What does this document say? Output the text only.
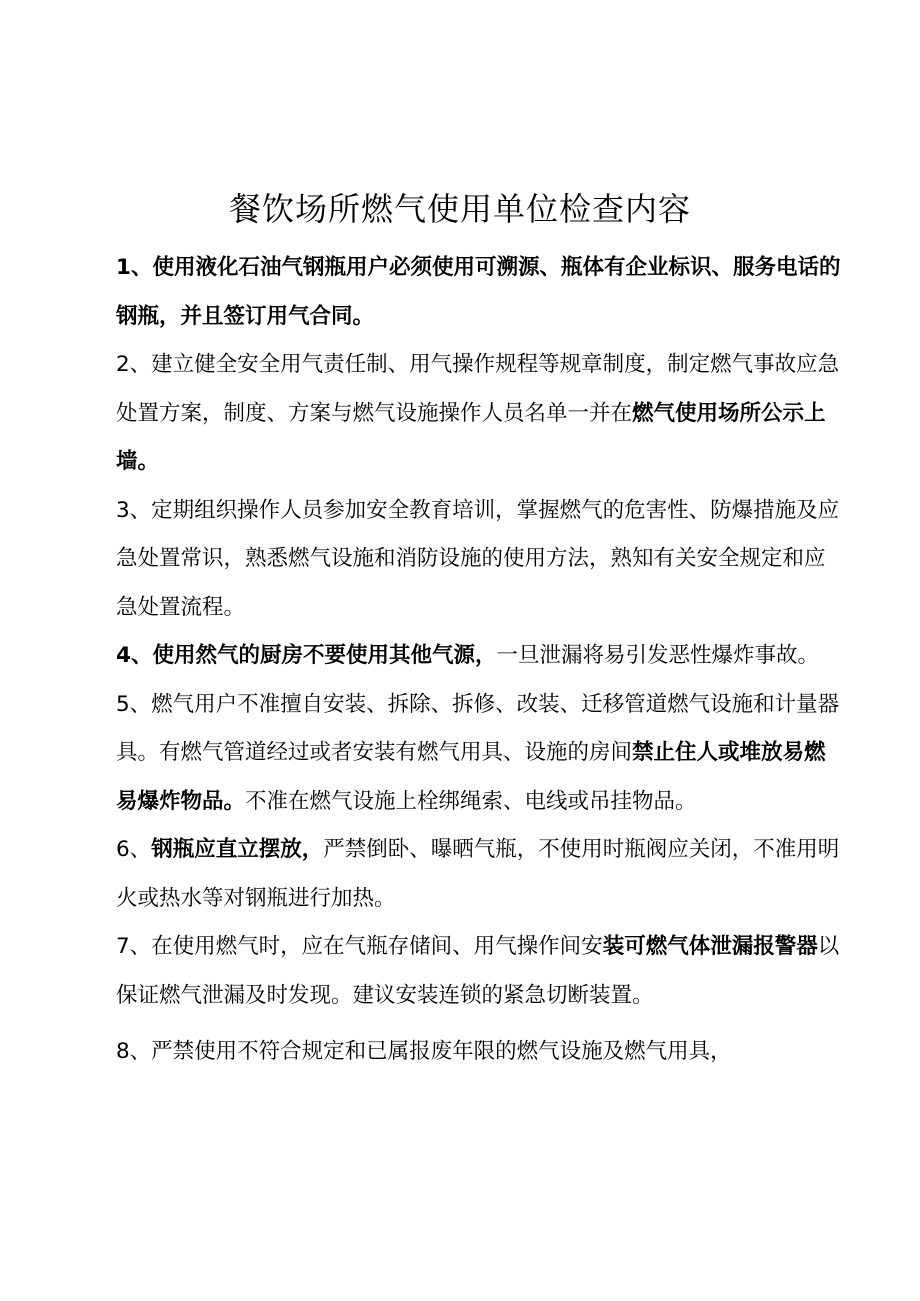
餐饮场所燃气使用单位检查内容

1、使用液化石油气钢瓶用户必须使用可溯源、瓶体有企业标识、服务电话的钢瓶，并且签订用气合同。

2、建立健全安全用气责任制、用气操作规程等规章制度，制定燃气事故应急处置方案，制度、方案与燃气设施操作人员名单一并在燃气使用场所公示上墙。

3、定期组织操作人员参加安全教育培训，掌握燃气的危害性、防爆措施及应急处置常识，熟悉燃气设施和消防设施的使用方法，熟知有关安全规定和应急处置流程。

4、使用然气的厨房不要使用其他气源，一旦泄漏将易引发恶性爆炸事故。

5、燃气用户不准擅自安装、拆除、拆修、改装、迁移管道燃气设施和计量器具。有燃气管道经过或者安装有燃气用具、设施的房间禁止住人或堆放易燃易爆炸物品。不准在燃气设施上栓绑绳索、电线或吊挂物品。

6、钢瓶应直立摆放，严禁倒卧、曝晒气瓶，不使用时瓶阀应关闭，不准用明火或热水等对钢瓶进行加热。

7、在使用燃气时，应在气瓶存储间、用气操作间安装可燃气体泄漏报警器以保证燃气泄漏及时发现。建议安装连锁的紧急切断装置。

8、严禁使用不符合规定和已属报废年限的燃气设施及燃气用具，
